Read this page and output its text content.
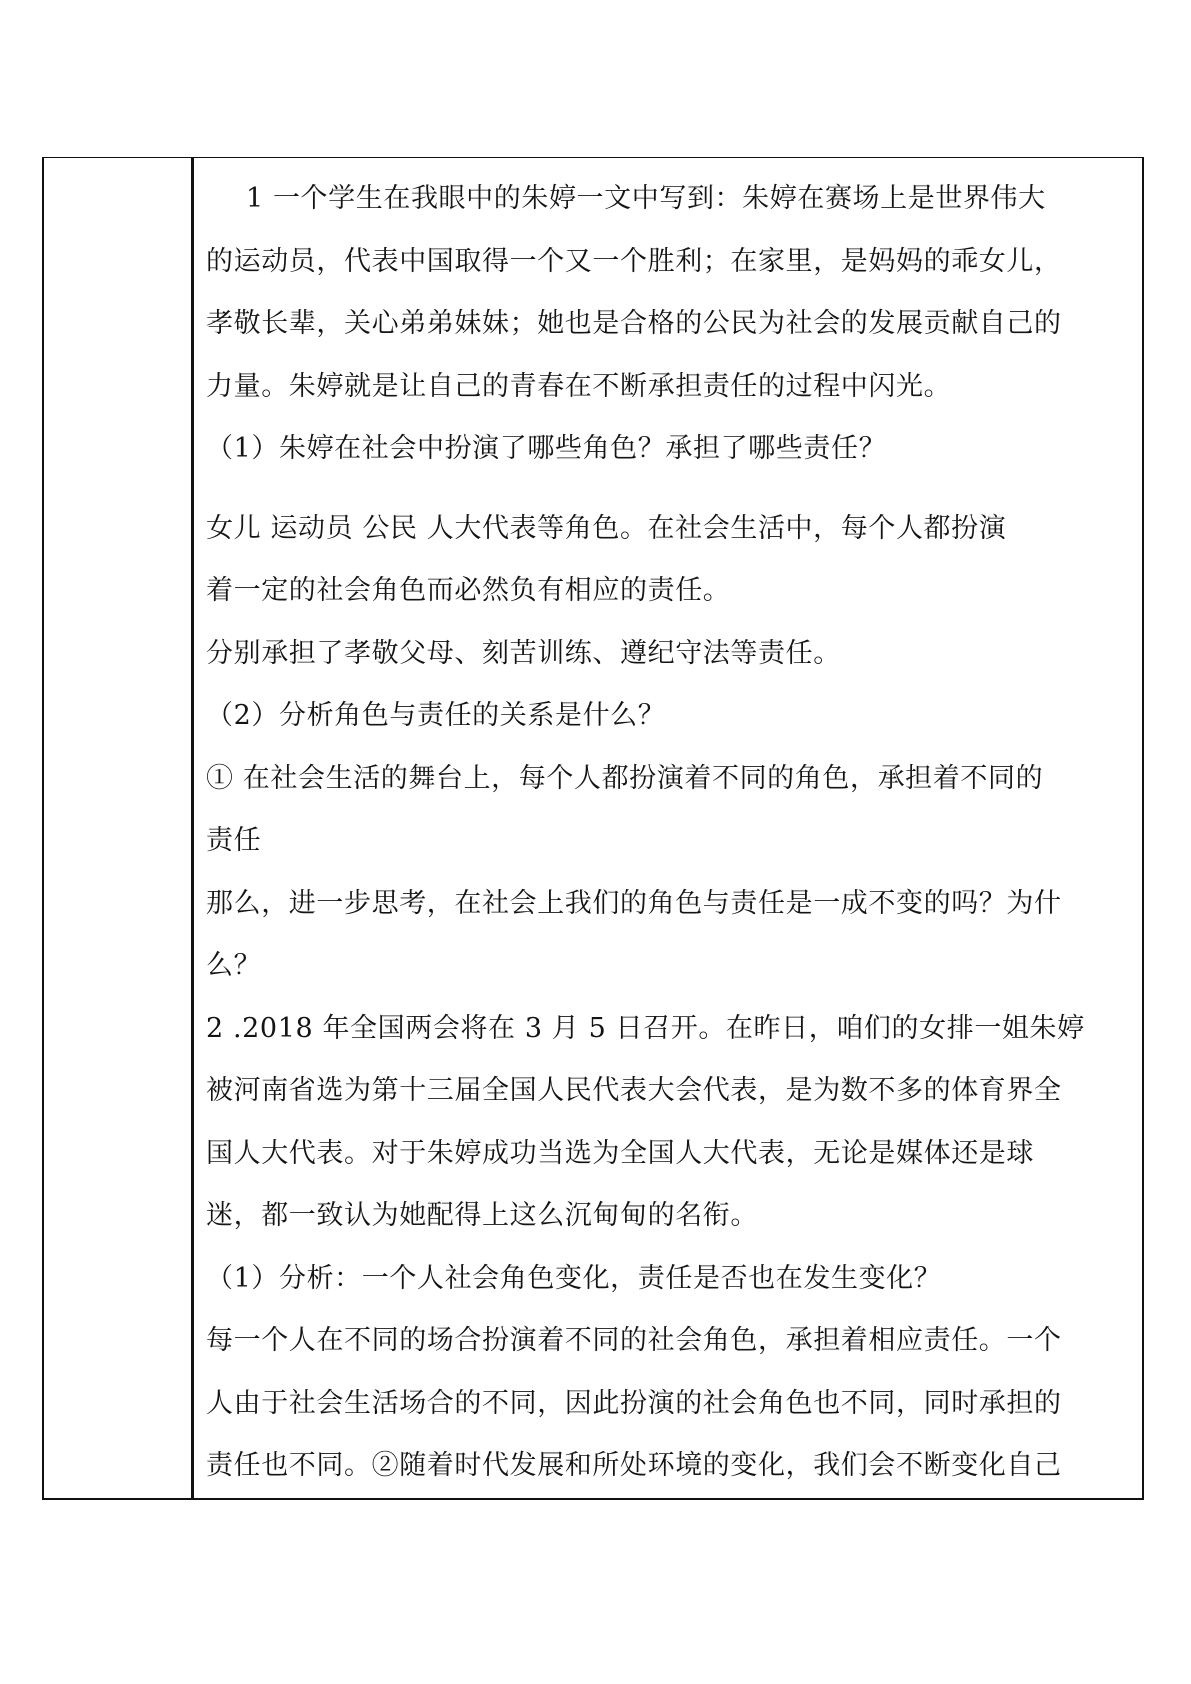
1 一个学生在我眼中的朱婷一文中写到：朱婷在赛场上是世界伟大
的运动员，代表中国取得一个又一个胜利；在家里，是妈妈的乖女儿，
孝敬长辈，关心弟弟妹妹；她也是合格的公民为社会的发展贡献自己的
力量。朱婷就是让自己的青春在不断承担责任的过程中闪光。
（1）朱婷在社会中扮演了哪些角色？承担了哪些责任？
女儿 运动员 公民 人大代表等角色。在社会生活中，每个人都扮演
着一定的社会角色而必然负有相应的责任。
分别承担了孝敬父母、刻苦训练、遵纪守法等责任。
（2）分析角色与责任的关系是什么？
① 在社会生活的舞台上，每个人都扮演着不同的角色，承担着不同的
责任
那么，进一步思考，在社会上我们的角色与责任是一成不变的吗？为什
么？
2 .2018 年全国两会将在 3 月 5 日召开。在昨日，咱们的女排一姐朱婷
被河南省选为第十三届全国人民代表大会代表，是为数不多的体育界全
国人大代表。对于朱婷成功当选为全国人大代表，无论是媒体还是球
迷，都一致认为她配得上这么沉甸甸的名衔。
（1）分析：一个人社会角色变化，责任是否也在发生变化？
每一个人在不同的场合扮演着不同的社会角色，承担着相应责任。一个
人由于社会生活场合的不同，因此扮演的社会角色也不同，同时承担的
责任也不同。②随着时代发展和所处环境的变化，我们会不断变化自己
